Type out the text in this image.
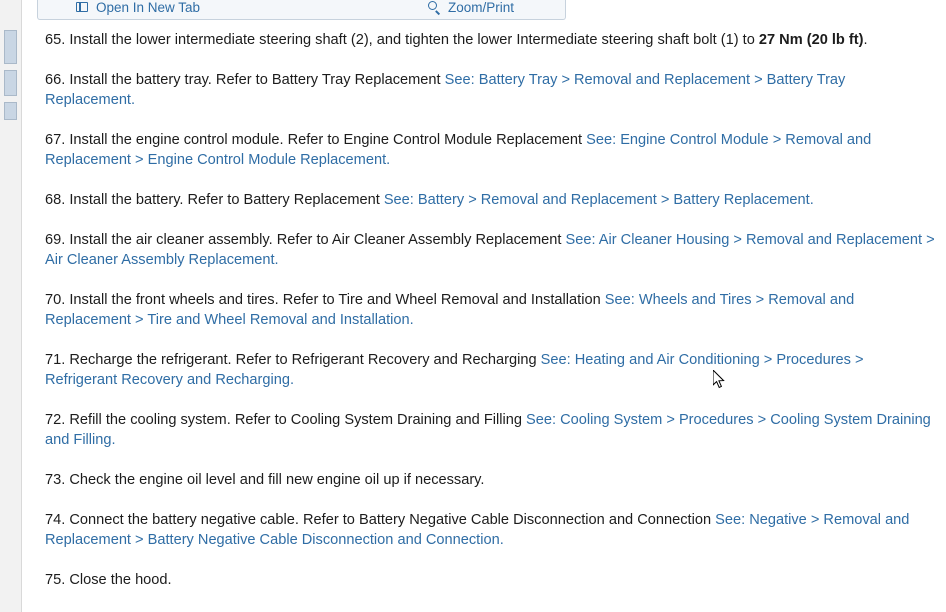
Open In New Tab	Zoom/Print

65. Install the lower intermediate steering shaft (2), and tighten the lower Intermediate steering shaft bolt (1) to 27 Nm (20 lb ft).

66. Install the battery tray. Refer to Battery Tray Replacement See: Battery Tray > Removal and Replacement > Battery Tray Replacement.

67. Install the engine control module. Refer to Engine Control Module Replacement See: Engine Control Module > Removal and Replacement > Engine Control Module Replacement.

68. Install the battery. Refer to Battery Replacement See: Battery > Removal and Replacement > Battery Replacement.

69. Install the air cleaner assembly. Refer to Air Cleaner Assembly Replacement See: Air Cleaner Housing > Removal and Replacement > Air Cleaner Assembly Replacement.

70. Install the front wheels and tires. Refer to Tire and Wheel Removal and Installation See: Wheels and Tires > Removal and Replacement > Tire and Wheel Removal and Installation.

71. Recharge the refrigerant. Refer to Refrigerant Recovery and Recharging See: Heating and Air Conditioning > Procedures > Refrigerant Recovery and Recharging.

72. Refill the cooling system. Refer to Cooling System Draining and Filling See: Cooling System > Procedures > Cooling System Draining and Filling.

73. Check the engine oil level and fill new engine oil up if necessary.

74. Connect the battery negative cable. Refer to Battery Negative Cable Disconnection and Connection See: Negative > Removal and Replacement > Battery Negative Cable Disconnection and Connection.

75. Close the hood.
